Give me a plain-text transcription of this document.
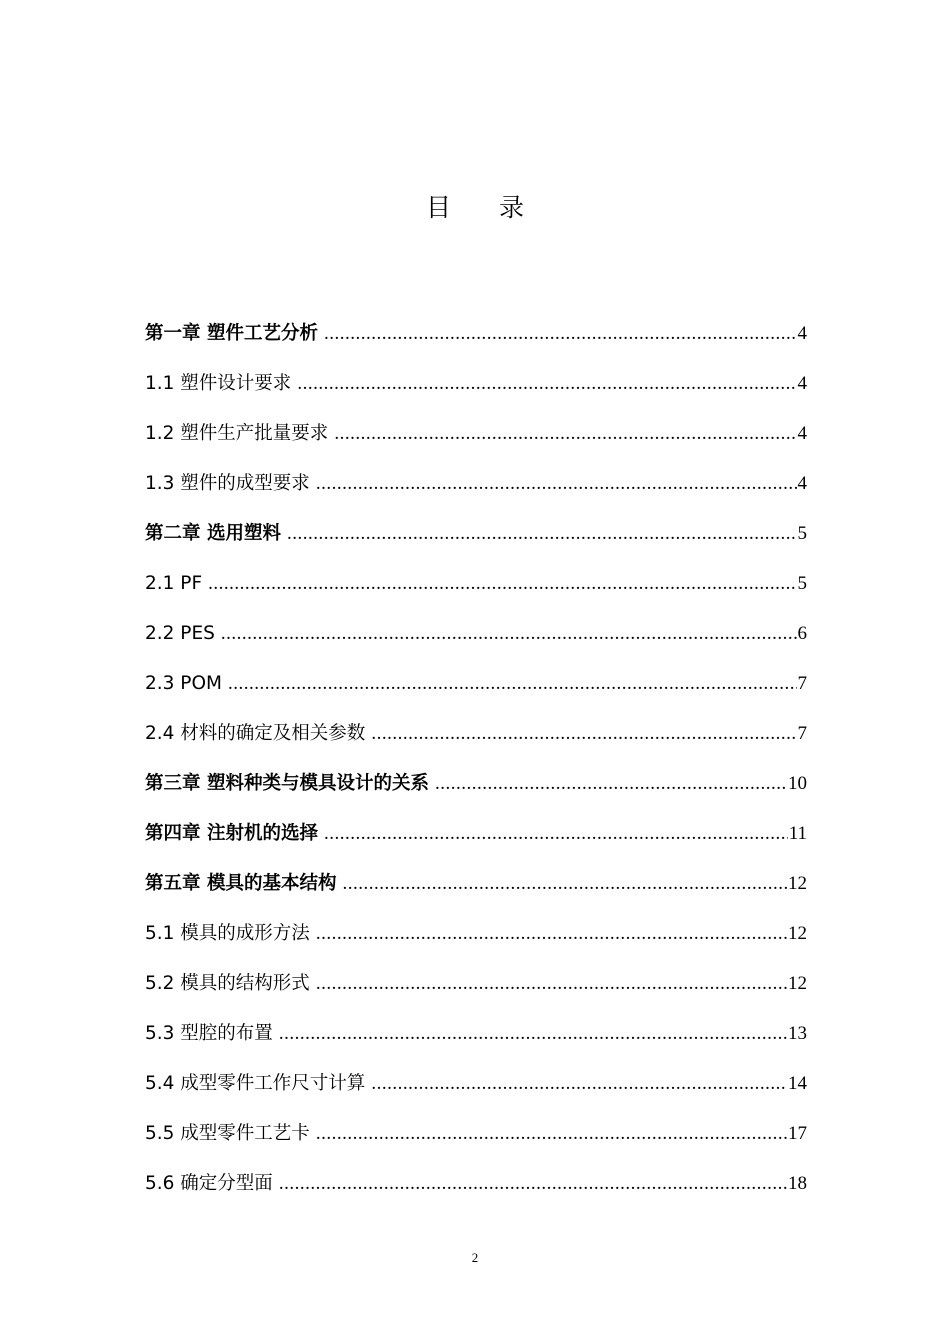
目录
第一章 塑件工艺分析 .....	4
1.1 塑件设计要求 .....	4
1.2 塑件生产批量要求 .....	4
1.3 塑件的成型要求 .....	4
第二章 选用塑料 .....	5
2.1 PF .....	5
2.2 PES .....	6
2.3 POM .....	7
2.4 材料的确定及相关参数 .....	7
第三章 塑料种类与模具设计的关系 .....	10
第四章 注射机的选择 .....	11
第五章 模具的基本结构 .....	12
5.1 模具的成形方法 .....	12
5.2 模具的结构形式 .....	12
5.3 型腔的布置 .....	13
5.4 成型零件工作尺寸计算 .....	14
5.5 成型零件工艺卡 .....	17
5.6 确定分型面 .....	18
2
